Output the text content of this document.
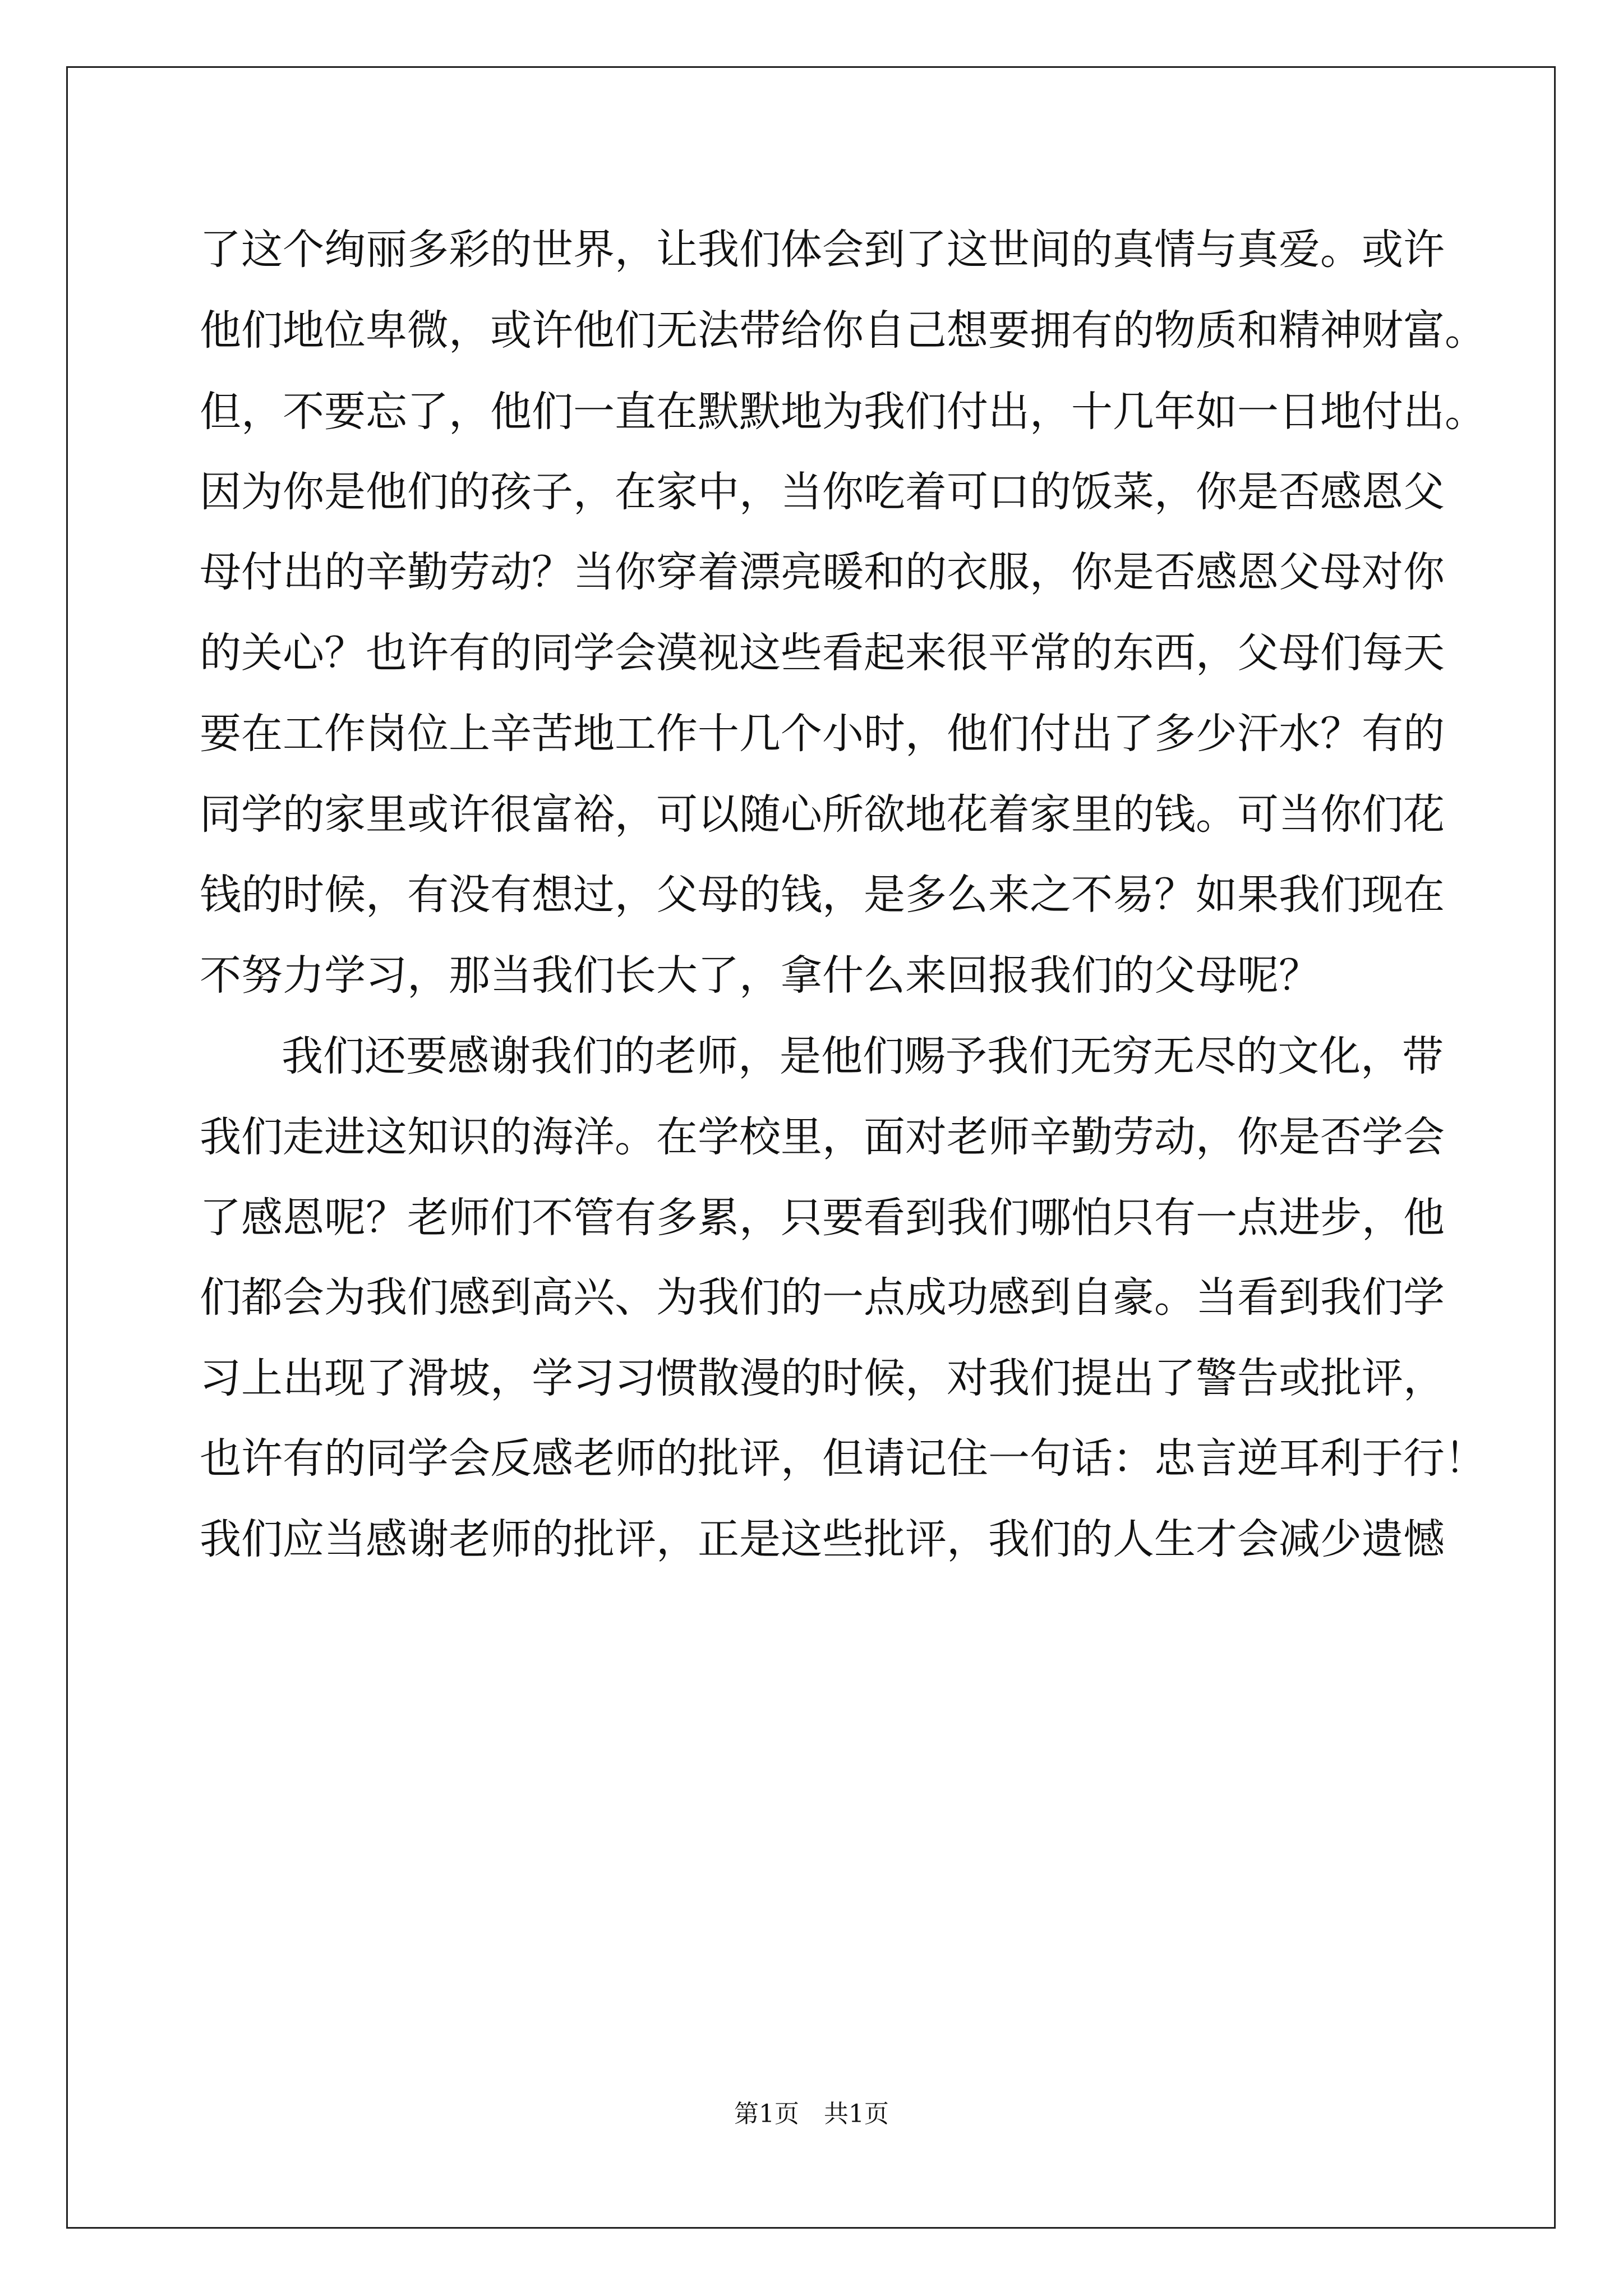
了这个绚丽多彩的世界，让我们体会到了这世间的真情与真爱。或许

他们地位卑微，或许他们无法带给你自己想要拥有的物质和精神财富。

但，不要忘了，他们一直在默默地为我们付出，十几年如一日地付出。

因为你是他们的孩子，在家中，当你吃着可口的饭菜，你是否感恩父

母付出的辛勤劳动？当你穿着漂亮暖和的衣服，你是否感恩父母对你

的关心？也许有的同学会漠视这些看起来很平常的东西，父母们每天

要在工作岗位上辛苦地工作十几个小时，他们付出了多少汗水？有的

同学的家里或许很富裕，可以随心所欲地花着家里的钱。可当你们花

钱的时候，有没有想过，父母的钱，是多么来之不易？如果我们现在

不努力学习，那当我们长大了，拿什么来回报我们的父母呢？

我们还要感谢我们的老师，是他们赐予我们无穷无尽的文化，带

我们走进这知识的海洋。在学校里，面对老师辛勤劳动，你是否学会

了感恩呢？老师们不管有多累，只要看到我们哪怕只有一点进步，他

们都会为我们感到高兴、为我们的一点成功感到自豪。当看到我们学

习上出现了滑坡，学习习惯散漫的时候，对我们提出了警告或批评，

也许有的同学会反感老师的批评，但请记住一句话：忠言逆耳利于行！

我们应当感谢老师的批评，正是这些批评，我们的人生才会减少遗憾

第1页　共1页
